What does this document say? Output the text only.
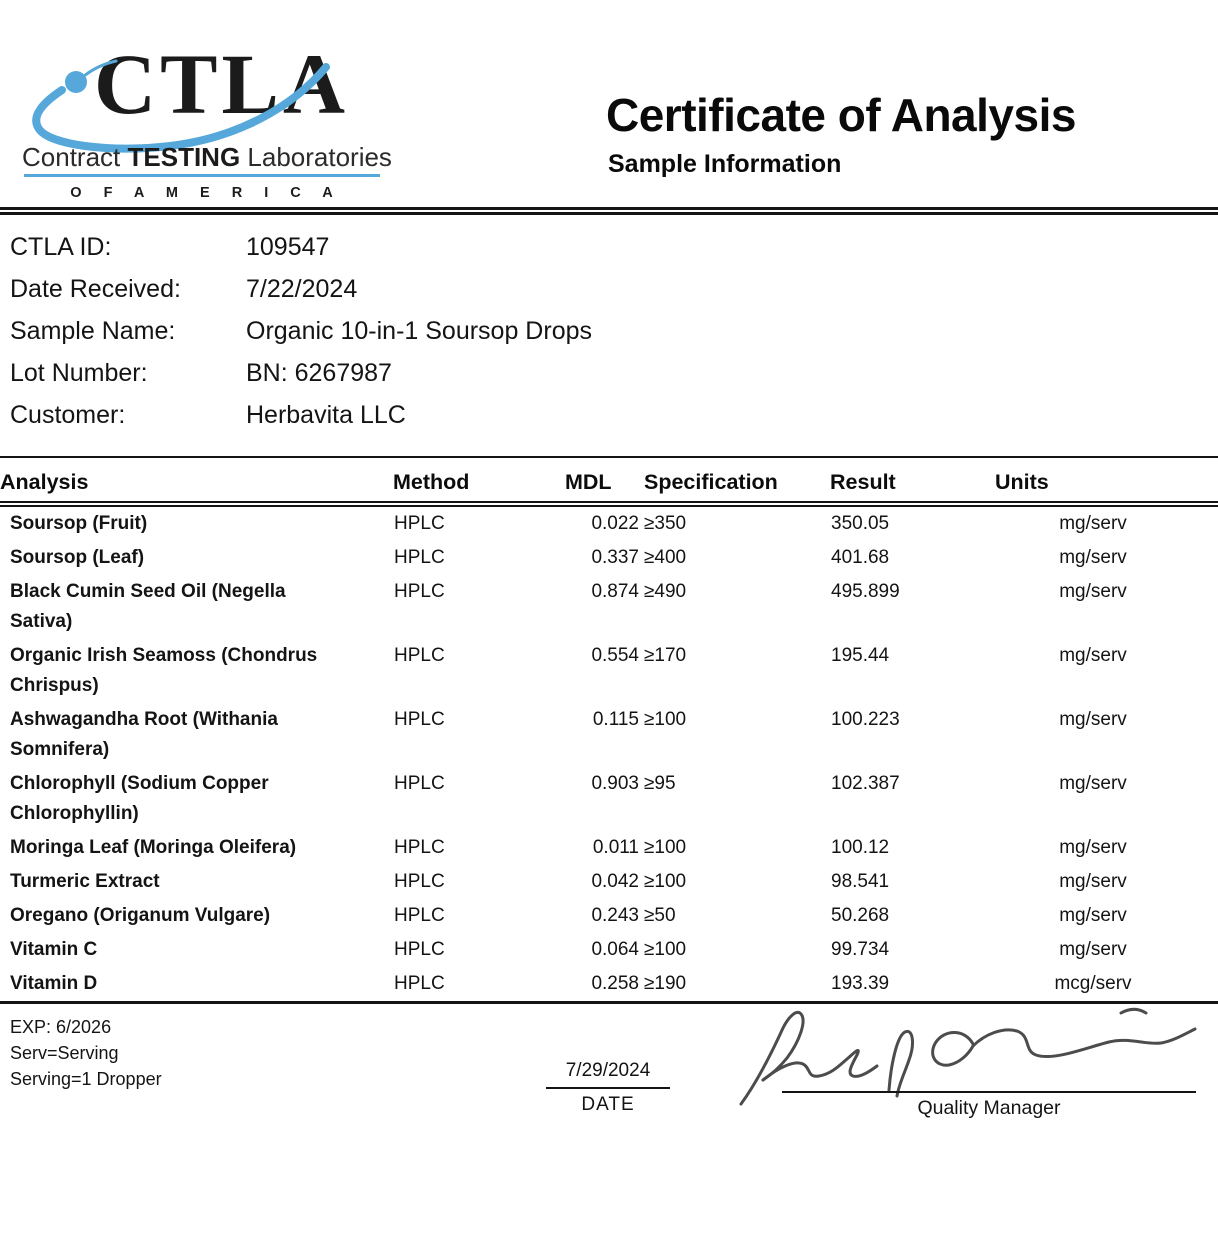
CTLA
Contract TESTING Laboratories
O F A M E R I C A
Certificate of Analysis
Sample Information
CTLA ID:	109547
Date Received:	7/22/2024
Sample Name:	Organic 10-in-1 Soursop Drops
Lot Number:	BN: 6267987
Customer:	Herbavita LLC
Analysis	Method	MDL	Specification	Result	Units	
Soursop (Fruit)	HPLC	0.022	≥350	350.05	mg/serv	
Soursop (Leaf)	HPLC	0.337	≥400	401.68	mg/serv	
Black Cumin Seed Oil (Negella Sativa)	HPLC	0.874	≥490	495.899	mg/serv	
Organic Irish Seamoss (Chondrus Chrispus)	HPLC	0.554	≥170	195.44	mg/serv	
Ashwagandha Root (Withania Somnifera)	HPLC	0.115	≥100	100.223	mg/serv	
Chlorophyll (Sodium Copper Chlorophyllin)	HPLC	0.903	≥95	102.387	mg/serv	
Moringa Leaf (Moringa Oleifera)	HPLC	0.011	≥100	100.12	mg/serv	
Turmeric Extract	HPLC	0.042	≥100	98.541	mg/serv	
Oregano (Origanum Vulgare)	HPLC	0.243	≥50	50.268	mg/serv	
Vitamin C	HPLC	0.064	≥100	99.734	mg/serv	
Vitamin D	HPLC	0.258	≥190	193.39	mcg/serv	
EXP: 6/2026
Serv=Serving
Serving=1 Dropper	7/29/2024
DATE	Quality Manager
